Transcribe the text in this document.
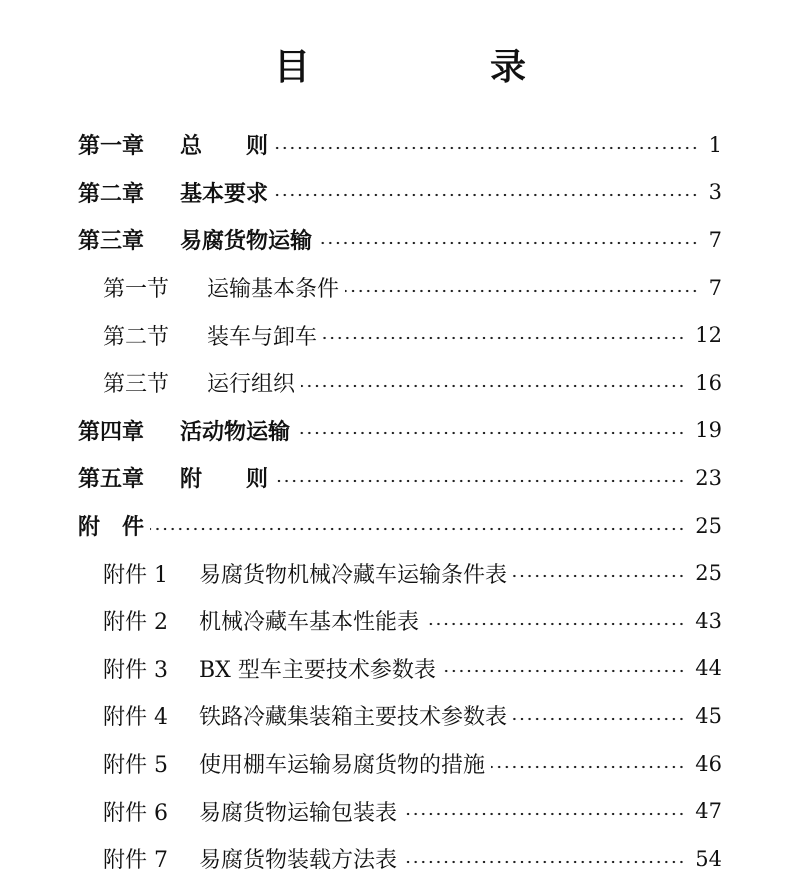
目　录
第一章	总　　则	1
第二章	基本要求	3
第三章	易腐货物运输	7
第一节	运输基本条件	7
第二节	装车与卸车	12
第三节	运行组织	16
第四章	活动物运输	19
第五章	附　　则	23
附　件	25
附件 1	易腐货物机械冷藏车运输条件表	25
附件 2	机械冷藏车基本性能表	43
附件 3	BX 型车主要技术参数表	44
附件 4	铁路冷藏集装箱主要技术参数表	45
附件 5	使用棚车运输易腐货物的措施	46
附件 6	易腐货物运输包装表	47
附件 7	易腐货物装载方法表	54
